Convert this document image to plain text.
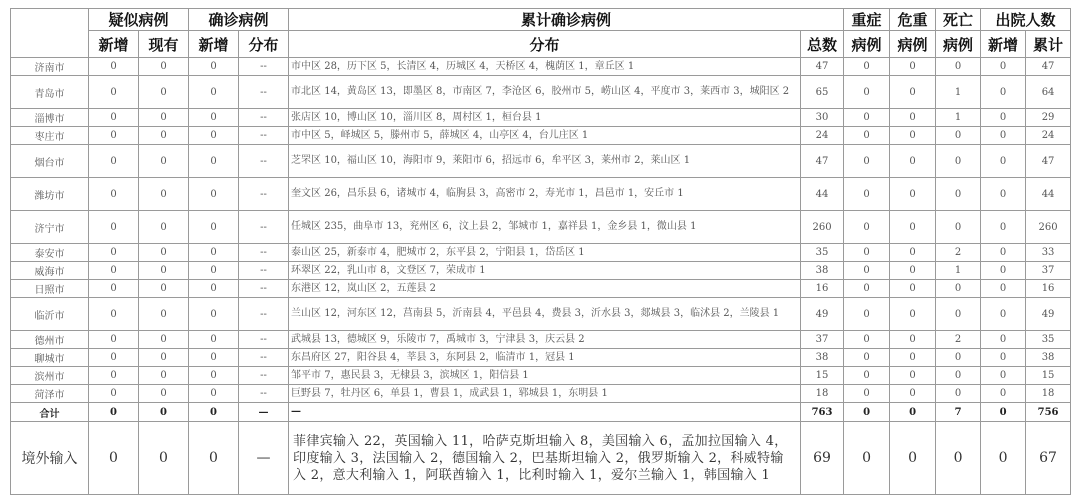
	疑似病例		确诊病例		累计确诊病例		重症	危重	死亡	出院人数	
	新增	现有	新增	分布	分布	总数	病例	病例	病例	新增	累计
济南市	0	0	0	--	市中区 28，历下区 5，长清区 4，历城区 4，天桥区 4，槐荫区 1，章丘区 1	47	0	0	0	0	47
青岛市	0	0	0	--	市北区 14，黄岛区 13，即墨区 8，市南区 7，李沧区 6，胶州市 5，崂山区 4，平度市 3，莱西市 3，城阳区 2	65	0	0	1	0	64
淄博市	0	0	0	--	张店区 10，博山区 10，淄川区 8，周村区 1，桓台县 1	30	0	0	1	0	29
枣庄市	0	0	0	--	市中区 5，峄城区 5，滕州市 5，薛城区 4，山亭区 4，台儿庄区 1	24	0	0	0	0	24
烟台市	0	0	0	--	芝罘区 10，福山区 10，海阳市 9，莱阳市 6，招远市 6，牟平区 3，莱州市 2，莱山区 1	47	0	0	0	0	47
潍坊市	0	0	0	--	奎文区 26，昌乐县 6，诸城市 4，临朐县 3，高密市 2，寿光市 1，昌邑市 1，安丘市 1	44	0	0	0	0	44
济宁市	0	0	0	--	任城区 235，曲阜市 13，兖州区 6，汶上县 2，邹城市 1，嘉祥县 1，金乡县 1，微山县 1	260	0	0	0	0	260
泰安市	0	0	0	--	泰山区 25，新泰市 4，肥城市 2，东平县 2，宁阳县 1，岱岳区 1	35	0	0	2	0	33
威海市	0	0	0	--	环翠区 22，乳山市 8，文登区 7，荣成市 1	38	0	0	1	0	37
日照市	0	0	0	--	东港区 12，岚山区 2，五莲县 2	16	0	0	0	0	16
临沂市	0	0	0	--	兰山区 12，河东区 12，莒南县 5，沂南县 4，平邑县 4，费县 3，沂水县 3，郯城县 3，临沭县 2，兰陵县 1	49	0	0	0	0	49
德州市	0	0	0	--	武城县 13，德城区 9，乐陵市 7，禹城市 3，宁津县 3，庆云县 2	37	0	0	2	0	35
聊城市	0	0	0	--	东昌府区 27，阳谷县 4，莘县 3，东阿县 2，临清市 1，冠县 1	38	0	0	0	0	38
滨州市	0	0	0	--	邹平市 7，惠民县 3，无棣县 3，滨城区 1，阳信县 1	15	0	0	0	0	15
菏泽市	0	0	0	--	巨野县 7，牡丹区 6，单县 1，曹县 1，成武县 1，郓城县 1，东明县 1	18	0	0	0	0	18
合计	0	0	0	—	—	763	0	0	7	0	756
境外输入	0	0	0	—	菲律宾输入 22，英国输入 11，哈萨克斯坦输入 8，美国输入 6，孟加拉国输入 4，印度输入 3，法国输入 2，德国输入 2，巴基斯坦输入 2，俄罗斯输入 2，科威特输入 2，意大利输入 1，阿联酋输入 1，比利时输入 1，爱尔兰输入 1，韩国输入 1	69	0	0	0	0	67
